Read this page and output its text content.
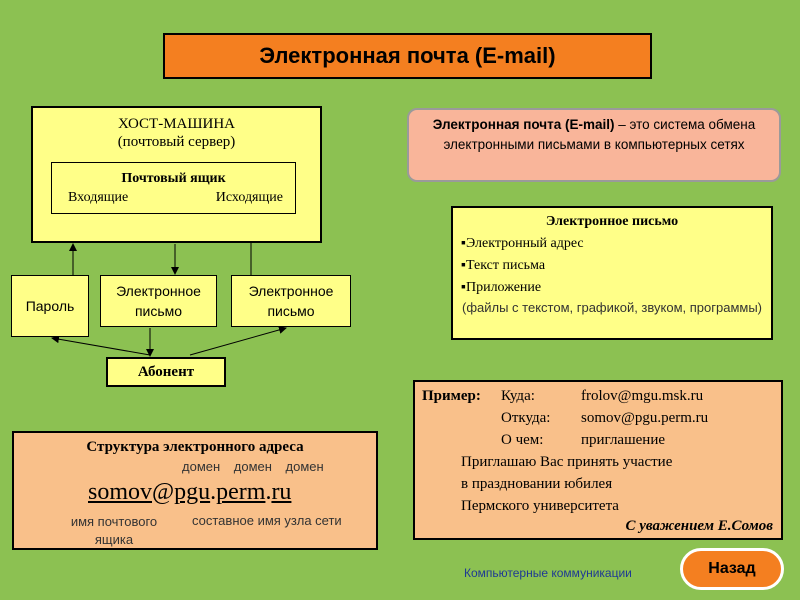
Электронная почта (E-mail)
ХОСТ-МАШИНА
(почтовый сервер)
Почтовый ящик
Входящие	Исходящие
Пароль
Электронное письмо
Электронное письмо
Абонент
Электронная почта (E-mail) – это система обмена электронными письмами в компьютерных сетях
Электронное письмо
▪Электронный адрес
▪Текст письма
▪Приложение
(файлы с текстом, графикой, звуком, программы)
Структура электронного адреса
домен домен домен
somov@pgu.perm.ru
имя почтового ящика
составное имя узла сети
Пример: Куда:	frolov@mgu.msk.ru
Откуда: somov@pgu.perm.ru
О чем:	приглашение
Приглашаю Вас принять участие
в праздновании юбилея
Пермского университета
С уважением Е.Сомов
Компьютерные коммуникации	Назад
